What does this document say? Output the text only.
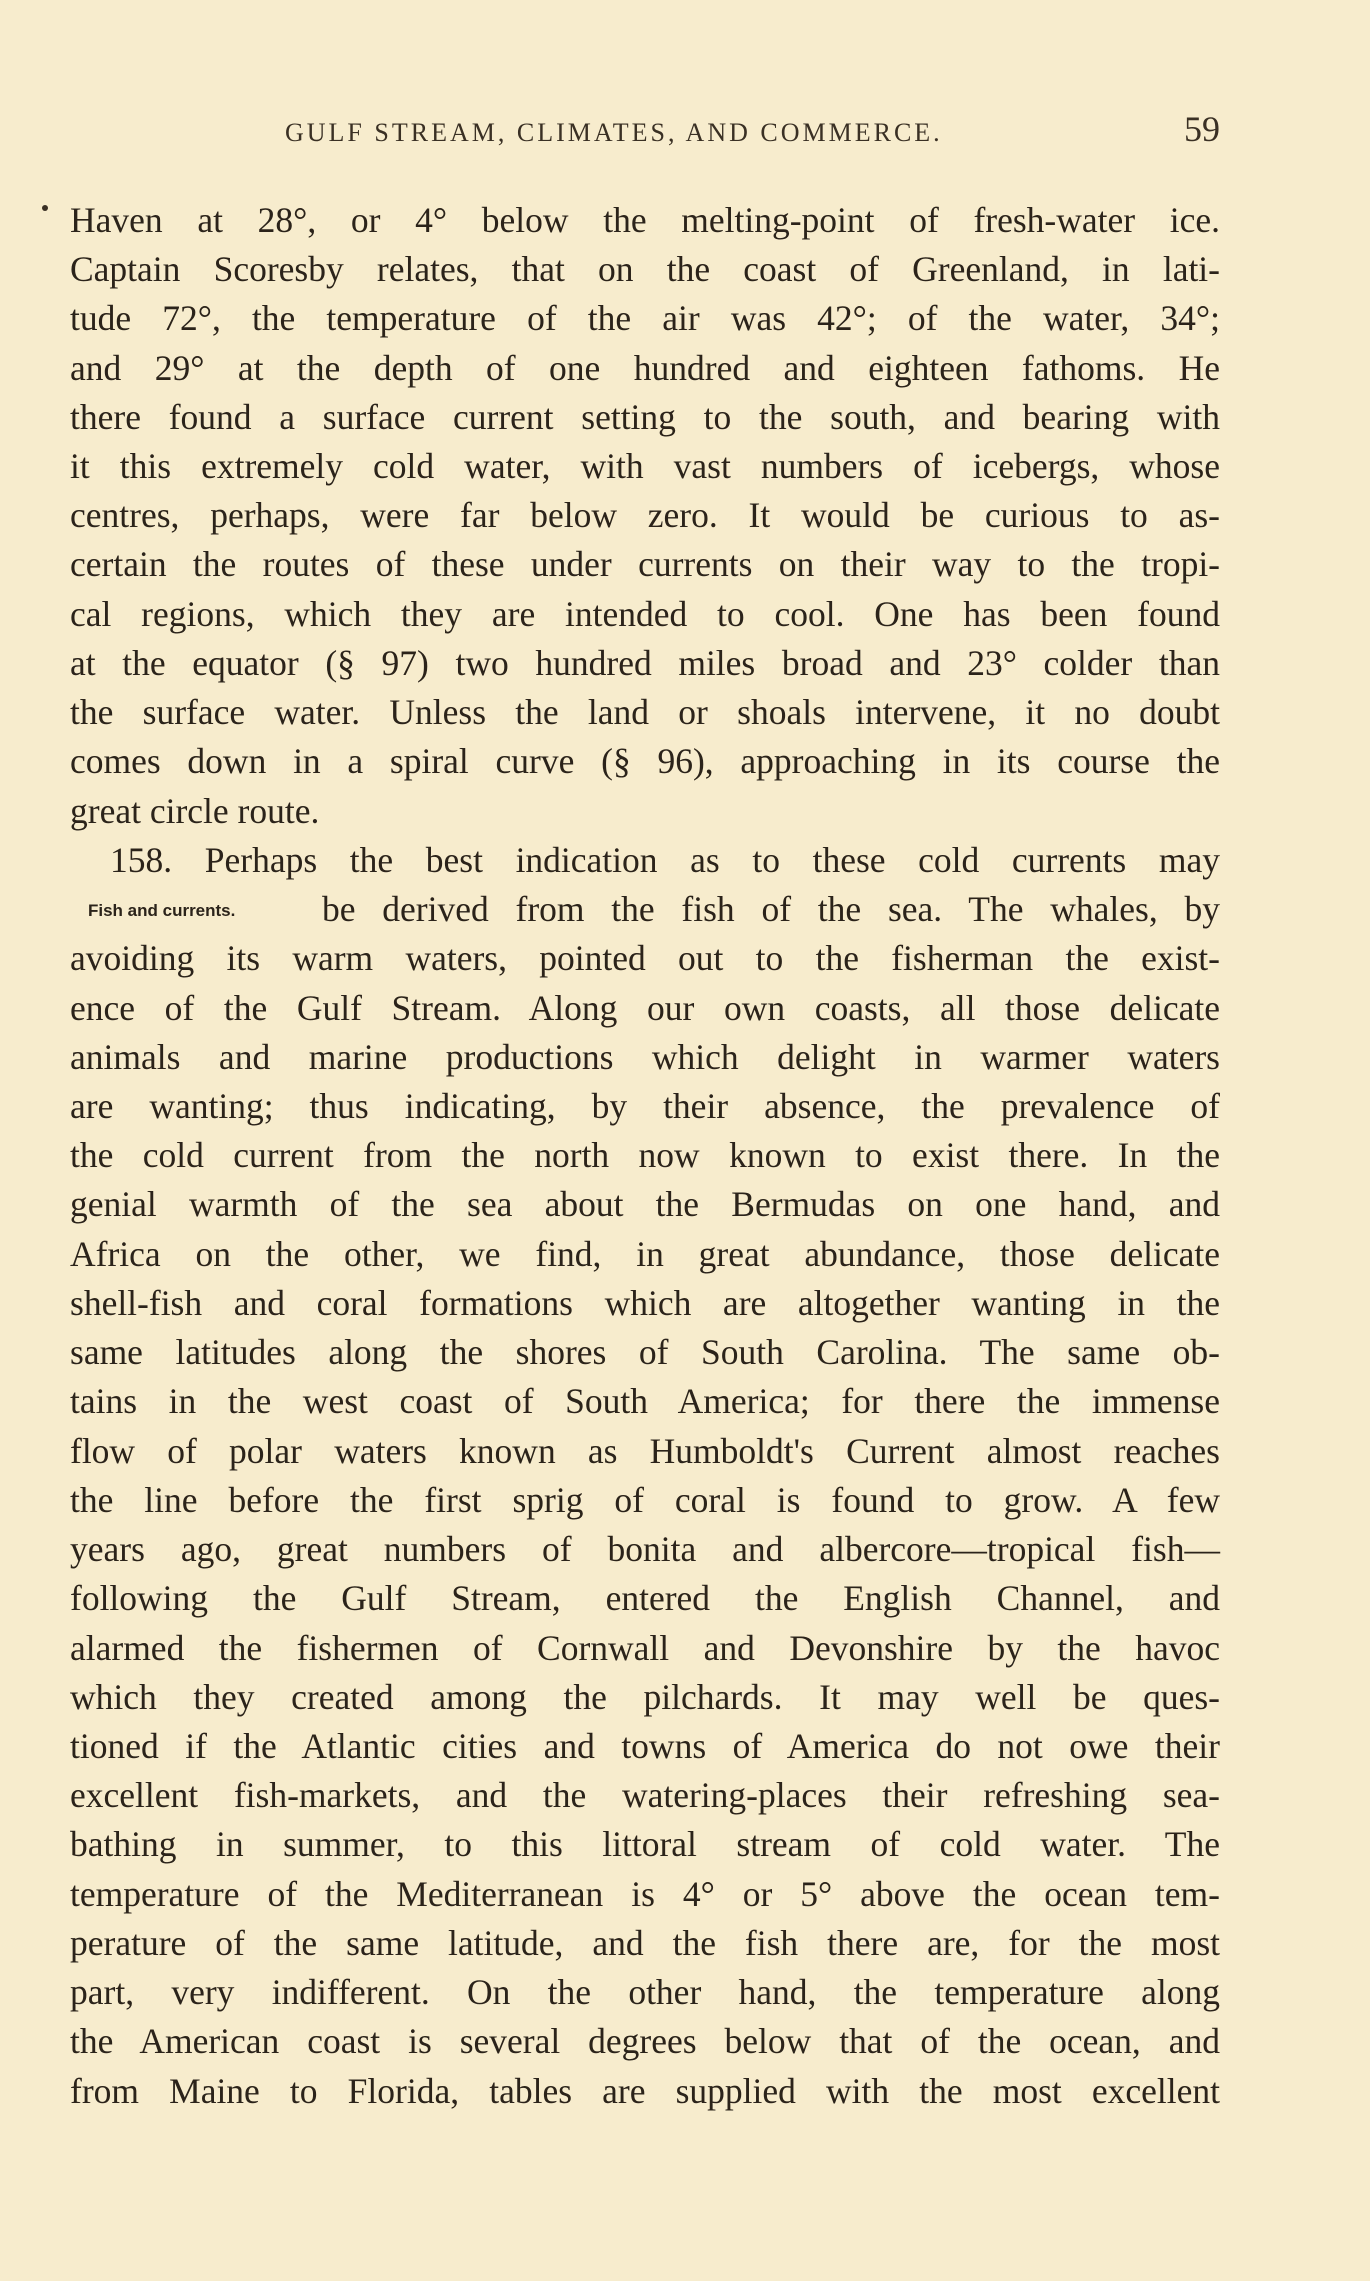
GULF STREAM, CLIMATES, AND COMMERCE.	59
Haven at 28°, or 4° below the melting-point of fresh-water ice.
Captain Scoresby relates, that on the coast of Greenland, in lati-
tude 72°, the temperature of the air was 42°; of the water, 34°;
and 29° at the depth of one hundred and eighteen fathoms. He
there found a surface current setting to the south, and bearing with
it this extremely cold water, with vast numbers of icebergs, whose
centres, perhaps, were far below zero. It would be curious to as-
certain the routes of these under currents on their way to the tropi-
cal regions, which they are intended to cool. One has been found
at the equator (§ 97) two hundred miles broad and 23° colder than
the surface water. Unless the land or shoals intervene, it no doubt
comes down in a spiral curve (§ 96), approaching in its course the
great circle route.
158. Perhaps the best indication as to these cold currents may
Fish and currents. be derived from the fish of the sea. The whales, by
avoiding its warm waters, pointed out to the fisherman the exist-
ence of the Gulf Stream. Along our own coasts, all those delicate
animals and marine productions which delight in warmer waters
are wanting; thus indicating, by their absence, the prevalence of
the cold current from the north now known to exist there. In the
genial warmth of the sea about the Bermudas on one hand, and
Africa on the other, we find, in great abundance, those delicate
shell-fish and coral formations which are altogether wanting in the
same latitudes along the shores of South Carolina. The same ob-
tains in the west coast of South America; for there the immense
flow of polar waters known as Humboldt's Current almost reaches
the line before the first sprig of coral is found to grow. A few
years ago, great numbers of bonita and albercore—tropical fish—
following the Gulf Stream, entered the English Channel, and
alarmed the fishermen of Cornwall and Devonshire by the havoc
which they created among the pilchards. It may well be ques-
tioned if the Atlantic cities and towns of America do not owe their
excellent fish-markets, and the watering-places their refreshing sea-
bathing in summer, to this littoral stream of cold water. The
temperature of the Mediterranean is 4° or 5° above the ocean tem-
perature of the same latitude, and the fish there are, for the most
part, very indifferent. On the other hand, the temperature along
the American coast is several degrees below that of the ocean, and
from Maine to Florida, tables are supplied with the most excellent
